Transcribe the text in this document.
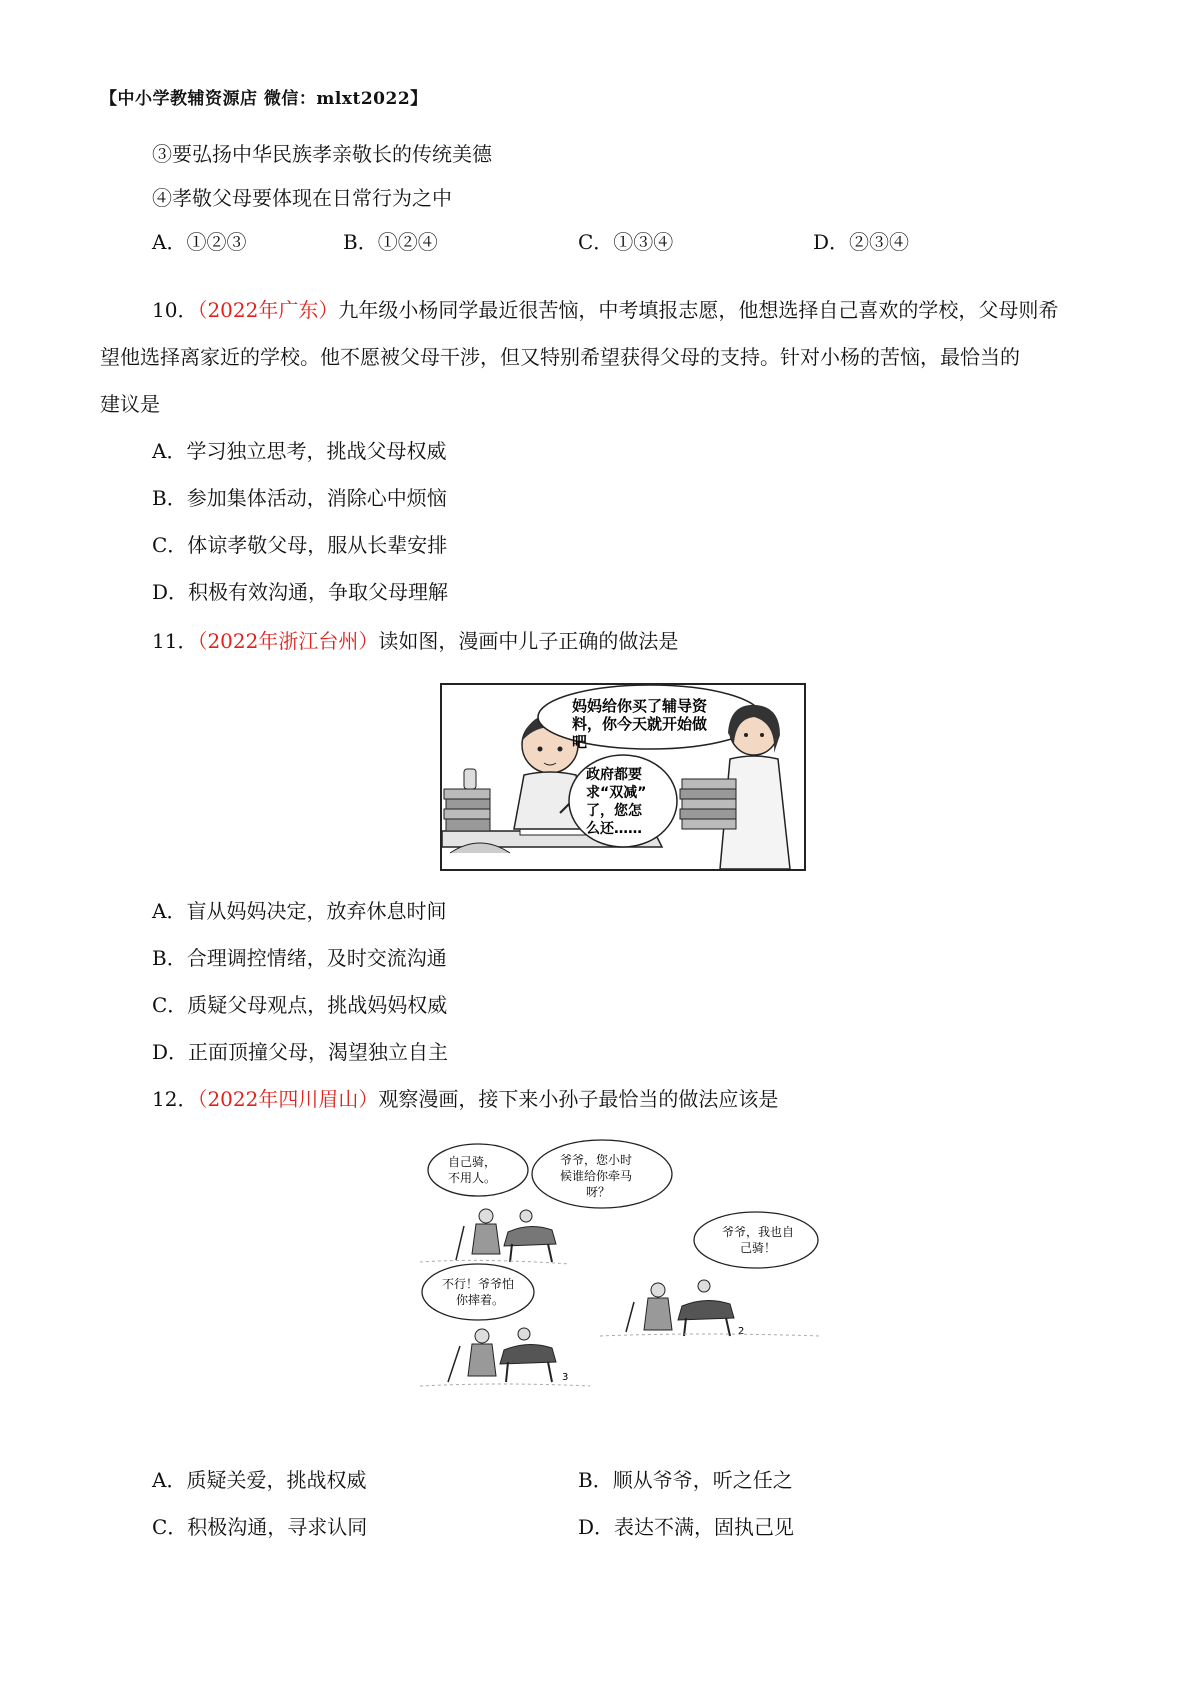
【中小学教辅资源店 微信：mlxt2022】
③要弘扬中华民族孝亲敬长的传统美德
④孝敬父母要体现在日常行为之中
A．①②③	B．①②④	C．①③④	D．②③④
10．（2022年广东）九年级小杨同学最近很苦恼，中考填报志愿，他想选择自己喜欢的学校，父母则希
望他选择离家近的学校。他不愿被父母干涉，但又特别希望获得父母的支持。针对小杨的苦恼，最恰当的
建议是
A．学习独立思考，挑战父母权威
B．参加集体活动，消除心中烦恼
C．体谅孝敬父母，服从长辈安排
D．积极有效沟通，争取父母理解
11．（2022年浙江台州）读如图，漫画中儿子正确的做法是
妈妈给你买了辅导资
料，你今天就开始做
吧
政府都要
求“双减”
了，您怎
么还……
A．盲从妈妈决定，放弃休息时间
B．合理调控情绪，及时交流沟通
C．质疑父母观点，挑战妈妈权威
D．正面顶撞父母，渴望独立自主
12．（2022年四川眉山）观察漫画，接下来小孙子最恰当的做法应该是
自己骑，
不用人。
爷爷，您小时
候谁给你牵马
呀？
爷爷，我也自
己骑！
2
不行！爷爷怕
你摔着。
3
A．质疑关爱，挑战权威	B．顺从爷爷，听之任之
C．积极沟通，寻求认同	D．表达不满，固执己见
